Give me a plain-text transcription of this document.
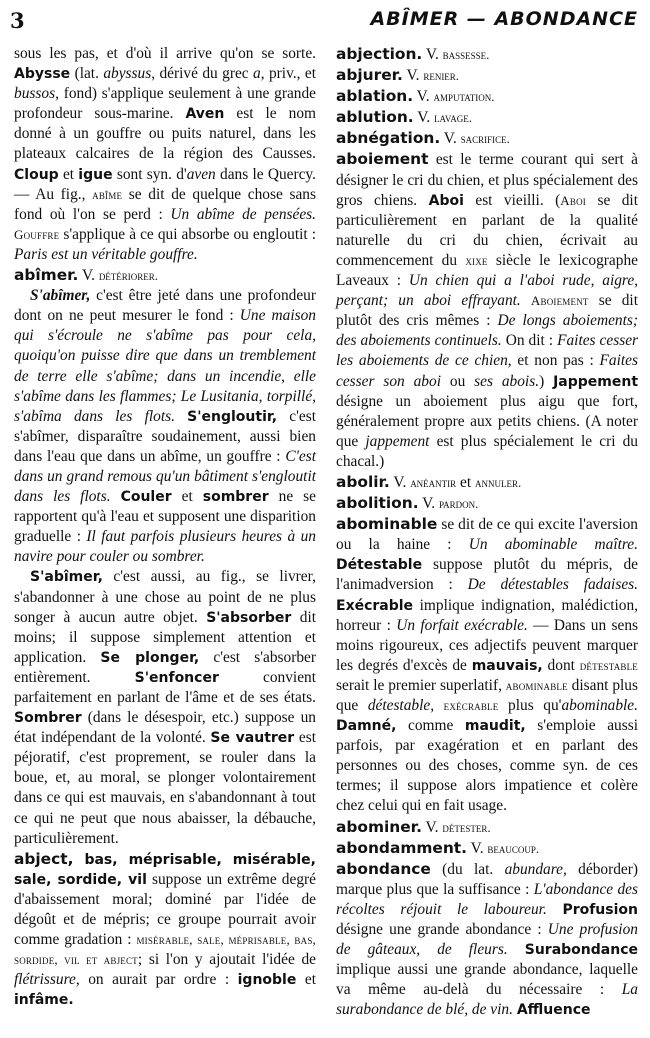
3	ABÎMER — ABONDANCE

sous les pas, et d'où il arrive qu'on se sorte. Abysse (lat. abyssus, dérivé du grec a, priv., et bussos, fond) s'applique seulement à une grande profondeur sous-marine. Aven est le nom donné à un gouffre ou puits naturel, dans les plateaux calcaires de la région des Causses. Cloup et igue sont syn. d'aven dans le Quercy. — Au fig., abîme se dit de quelque chose sans fond où l'on se perd : Un abîme de pensées. Gouffre s'applique à ce qui absorbe ou engloutit : Paris est un véritable gouffre.

abîmer. V. détériorer.

S'abîmer, c'est être jeté dans une profondeur dont on ne peut mesurer le fond : Une maison qui s'écroule ne s'abîme pas pour cela, quoiqu'on puisse dire que dans un tremblement de terre elle s'abîme; dans un incendie, elle s'abîme dans les flammes; Le Lusitania, torpillé, s'abîma dans les flots. S'engloutir, c'est s'abîmer, disparaître soudainement, aussi bien dans l'eau que dans un abîme, un gouffre : C'est dans un grand remous qu'un bâtiment s'engloutit dans les flots. Couler et sombrer ne se rapportent qu'à l'eau et supposent une disparition graduelle : Il faut parfois plusieurs heures à un navire pour couler ou sombrer.

S'abîmer, c'est aussi, au fig., se livrer, s'abandonner à une chose au point de ne plus songer à aucun autre objet. S'absorber dit moins; il suppose simplement attention et application. Se plonger, c'est s'absorber entièrement. S'enfoncer convient parfaitement en parlant de l'âme et de ses états. Sombrer (dans le désespoir, etc.) suppose un état indépendant de la volonté. Se vautrer est péjoratif, c'est proprement, se rouler dans la boue, et, au moral, se plonger volontairement dans ce qui est mauvais, en s'abandonnant à tout ce qui ne peut que nous abaisser, la débauche, particulièrement.

abject, bas, méprisable, misérable, sale, sordide, vil suppose un extrême degré d'abaissement moral; dominé par l'idée de dégoût et de mépris; ce groupe pourrait avoir comme gradation : misérable, sale, méprisable, bas, sordide, vil et abject; si l'on y ajoutait l'idée de flétrissure, on aurait par ordre : ignoble et infâme.

abjection. V. bassesse.

abjurer. V. renier.

ablation. V. amputation.

ablution. V. lavage.

abnégation. V. sacrifice.

aboiement est le terme courant qui sert à désigner le cri du chien, et plus spécialement des gros chiens. Aboi est vieilli. (Aboi se dit particulièrement en parlant de la qualité naturelle du cri du chien, écrivait au commencement du xixe siècle le lexicographe Laveaux : Un chien qui a l'aboi rude, aigre, perçant; un aboi effrayant. Aboiement se dit plutôt des cris mêmes : De longs aboiements; des aboiements continuels. On dit : Faites cesser les aboiements de ce chien, et non pas : Faites cesser son aboi ou ses abois.) Jappement désigne un aboiement plus aigu que fort, généralement propre aux petits chiens. (A noter que jappement est plus spécialement le cri du chacal.)

abolir. V. anéantir et annuler.

abolition. V. pardon.

abominable se dit de ce qui excite l'aversion ou la haine : Un abominable maître. Détestable suppose plutôt du mépris, de l'animadversion : De détestables fadaises. Exécrable implique indignation, malédiction, horreur : Un forfait exécrable. — Dans un sens moins rigoureux, ces adjectifs peuvent marquer les degrés d'excès de mauvais, dont détestable serait le premier superlatif, abominable disant plus que détestable, exécrable plus qu'abominable. Damné, comme maudit, s'emploie aussi parfois, par exagération et en parlant des personnes ou des choses, comme syn. de ces termes; il suppose alors impatience et colère chez celui qui en fait usage.

abominer. V. détester.

abondamment. V. beaucoup.

abondance (du lat. abundare, déborder) marque plus que la suffisance : L'abondance des récoltes réjouit le laboureur. Profusion désigne une grande abondance : Une profusion de gâteaux, de fleurs. Surabondance implique aussi une grande abondance, laquelle va même au-delà du nécessaire : La surabondance de blé, de vin. Affluence
